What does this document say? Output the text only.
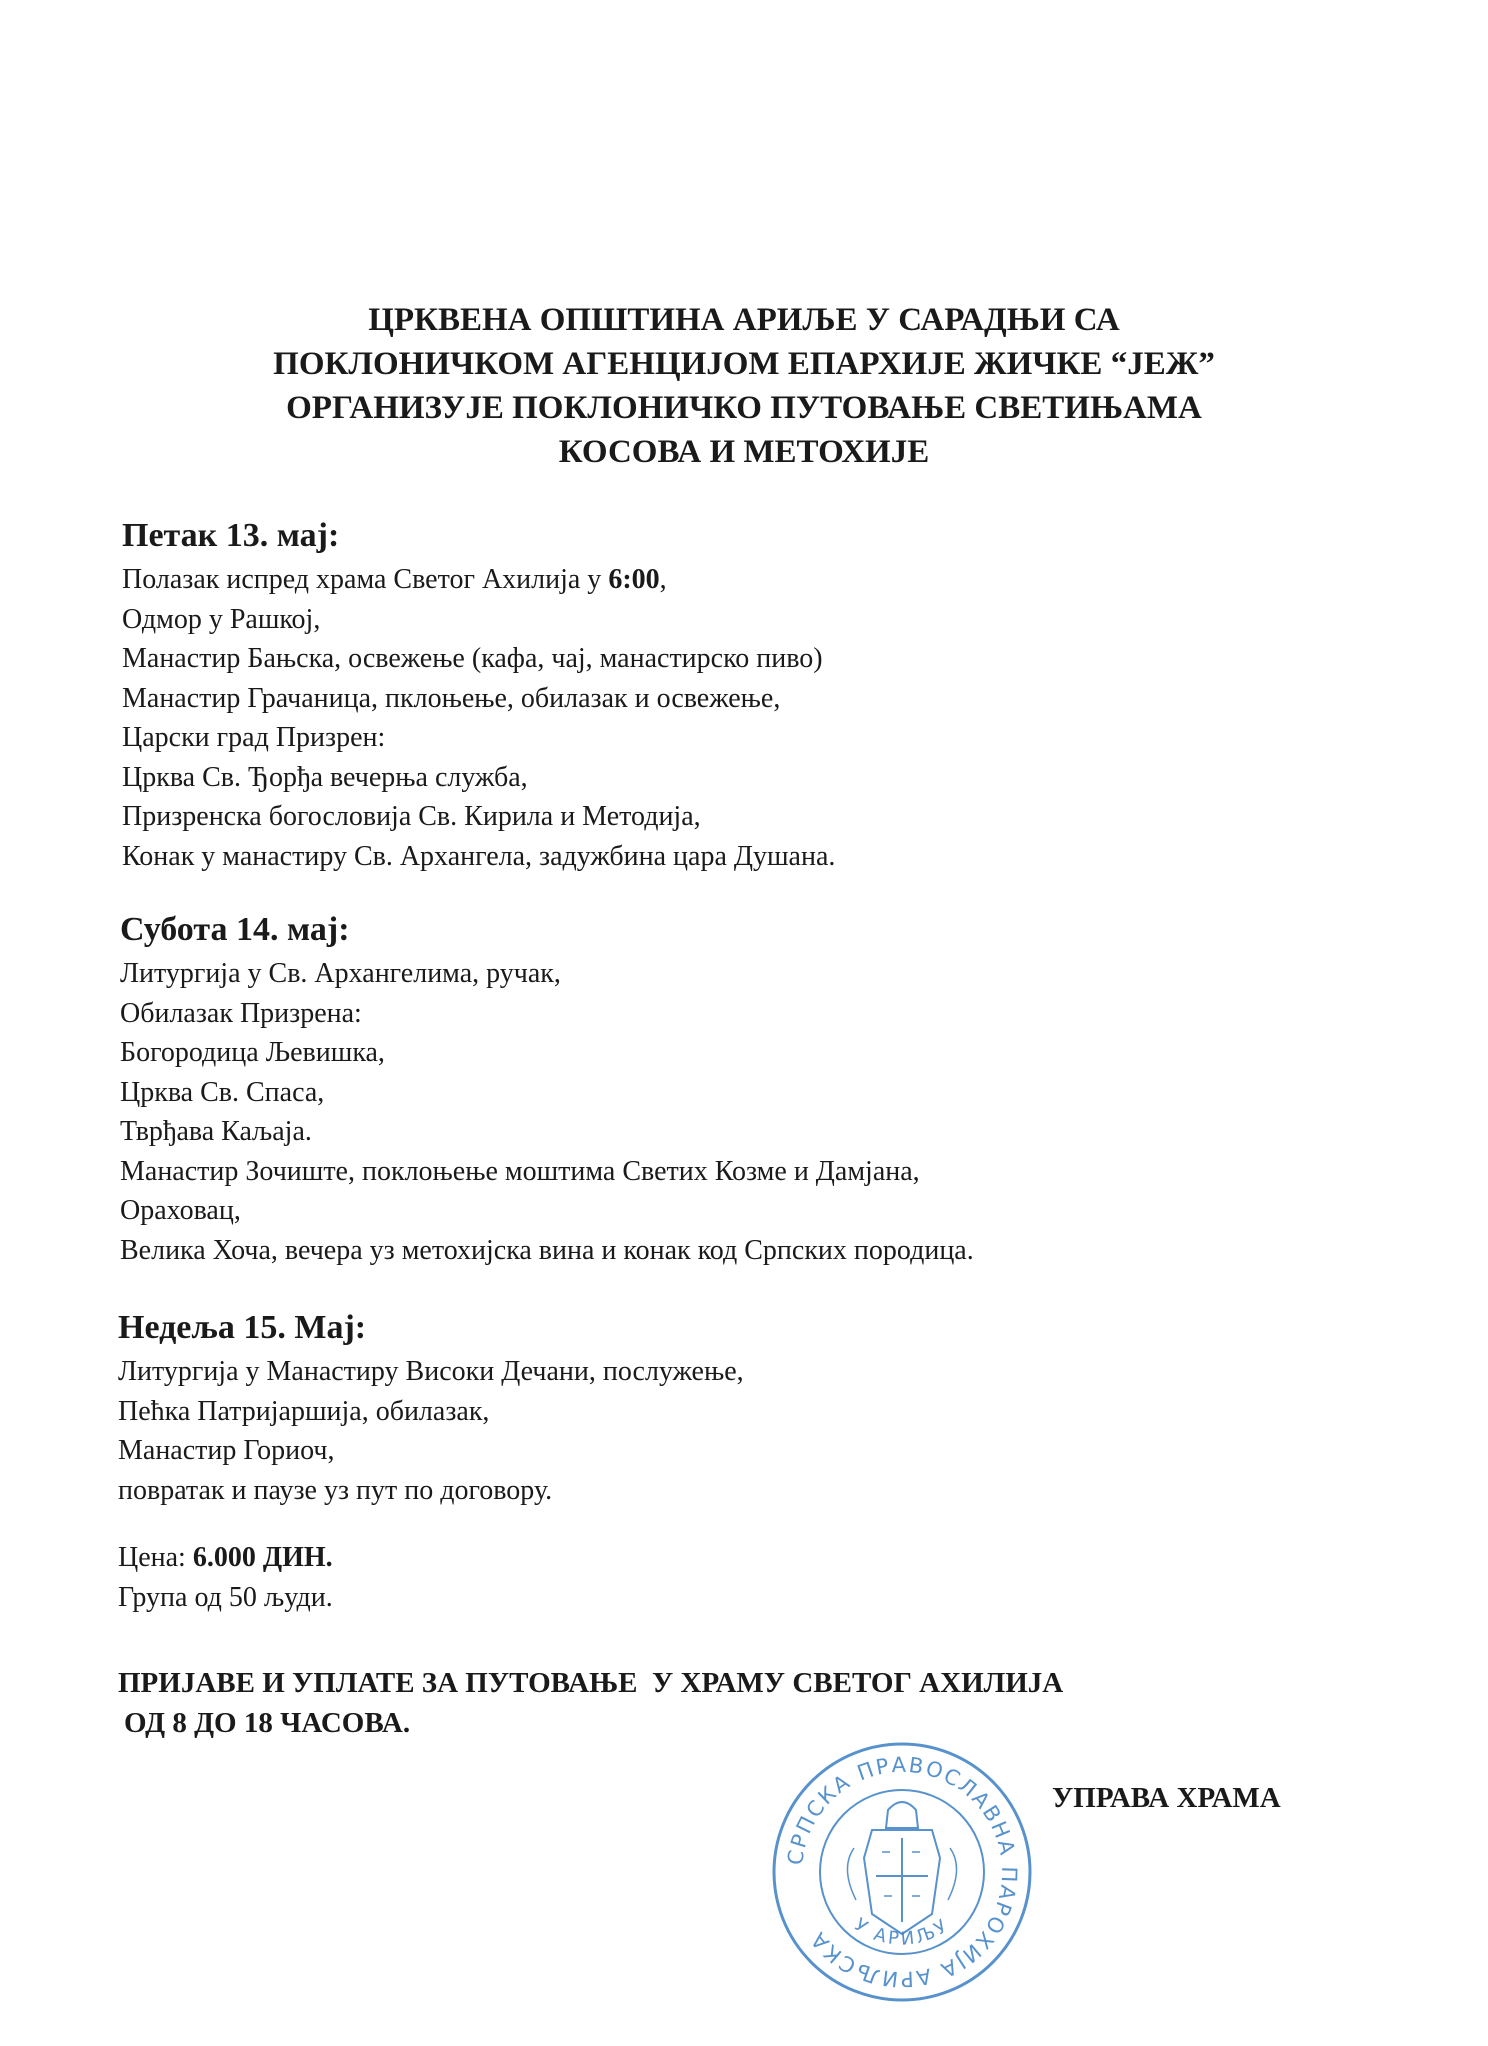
ЦРКВЕНА ОПШТИНА АРИЉЕ У САРАДЊИ СА
ПОКЛОНИЧКОМ АГЕНЦИЈОМ ЕПАРХИЈЕ ЖИЧКЕ “ЈЕЖ”
ОРГАНИЗУЈЕ ПОКЛОНИЧКО ПУТОВАЊЕ СВЕТИЊАМА
КОСОВА И МЕТОХИЈЕ
Петак 13. мај:
Полазак испред храма Светог Ахилија у 6:00,
Одмор у Рашкој,
Манастир Бањска, освежење (кафа, чај, манастирско пиво)
Манастир Грачаница, пклоњење, обилазак и освежење,
Царски град Призрен:
Црква Св. Ђорђа вечерња служба,
Призренска богословија Св. Кирила и Методија,
Конак у манастиру Св. Архангела, задужбина цара Душана.
Субота 14. мај:
Литургија у Св. Архангелима, ручак,
Обилазак Призрена:
Богородица Љевишка,
Црква Св. Спаса,
Тврђава Каљаја.
Манастир Зочиште, поклоњење моштима Светих Козме и Дамјана,
Ораховац,
Велика Хоча, вечера уз метохијска вина и конак код Српских породица.
Недеља 15. Мај:
Литургија у Манастиру Високи Дечани, послужење,
Пећка Патријаршија, обилазак,
Манастир Гориоч,
повратак и паузе уз пут по договору.
Цена: 6.000 ДИН.
Група од 50 људи.

ПРИЈАВЕ И УПЛАТЕ ЗА ПУТОВАЊЕ  У ХРАМУ СВЕТОГ АХИЛИЈА
ОД 8 ДО 18 ЧАСОВА.

УПРАВА ХРАМА
СРПСКА ПРАВОСЛАВНА ПАРОХИЈА АРИЉСКА У АРИЉУ
